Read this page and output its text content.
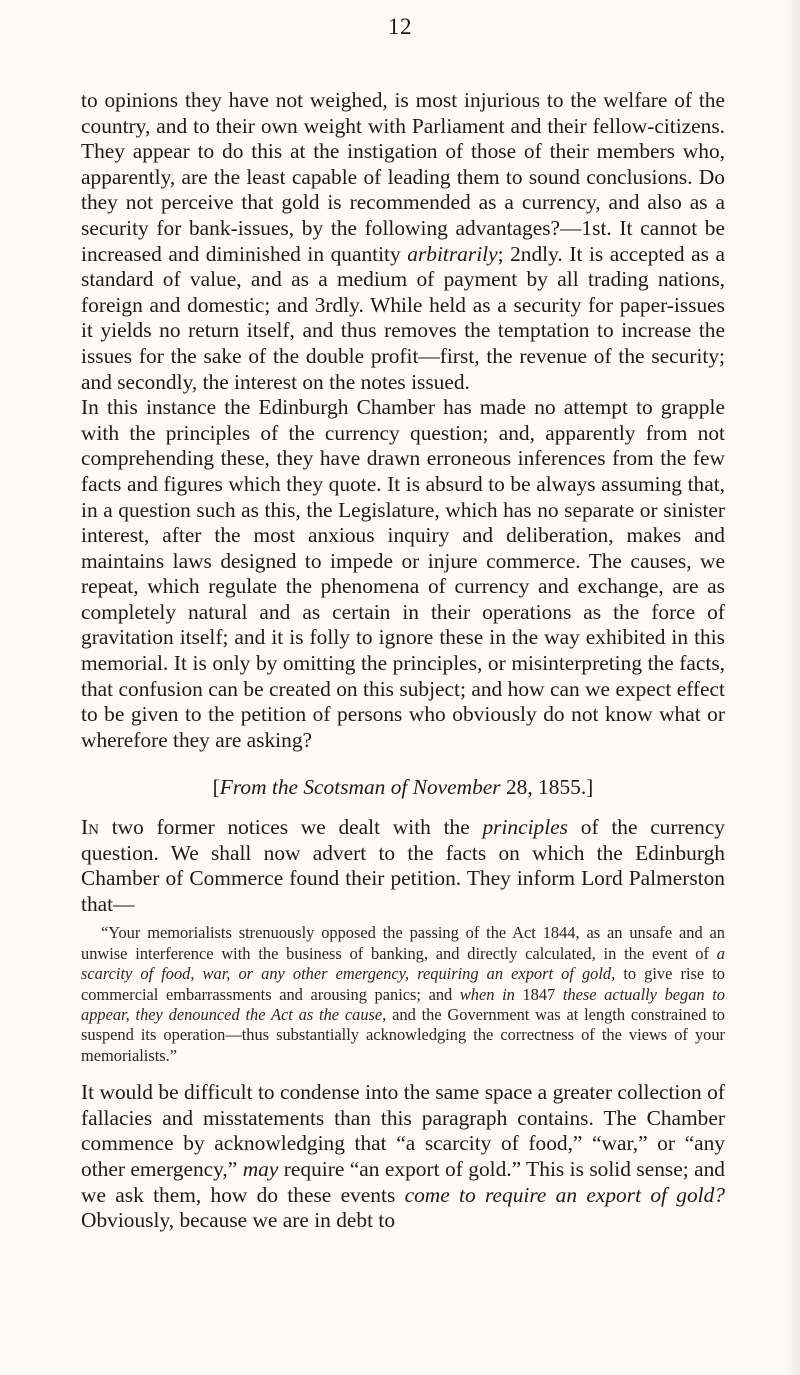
12

to opinions they have not weighed, is most injurious to the welfare of the country, and to their own weight with Parliament and their fellow-citizens. They appear to do this at the instigation of those of their members who, apparently, are the least capable of leading them to sound conclusions. Do they not perceive that gold is recommended as a currency, and also as a security for bank-issues, by the following advantages?—1st. It cannot be increased and diminished in quantity arbitrarily; 2ndly. It is accepted as a standard of value, and as a medium of payment by all trading nations, foreign and domestic; and 3rdly. While held as a security for paper-issues it yields no return itself, and thus removes the temptation to increase the issues for the sake of the double profit—first, the revenue of the security; and secondly, the interest on the notes issued.

In this instance the Edinburgh Chamber has made no attempt to grapple with the principles of the currency question; and, apparently from not comprehending these, they have drawn erroneous inferences from the few facts and figures which they quote. It is absurd to be always assuming that, in a question such as this, the Legislature, which has no separate or sinister interest, after the most anxious inquiry and deliberation, makes and maintains laws designed to impede or injure commerce. The causes, we repeat, which regulate the phenomena of currency and exchange, are as completely natural and as certain in their operations as the force of gravitation itself; and it is folly to ignore these in the way exhibited in this memorial. It is only by omitting the principles, or misinterpreting the facts, that confusion can be created on this subject; and how can we expect effect to be given to the petition of persons who obviously do not know what or wherefore they are asking?

[From the Scotsman of November 28, 1855.]

In two former notices we dealt with the principles of the currency question. We shall now advert to the facts on which the Edinburgh Chamber of Commerce found their petition. They inform Lord Palmerston that—

“Your memorialists strenuously opposed the passing of the Act 1844, as an unsafe and an unwise interference with the business of banking, and directly calculated, in the event of a scarcity of food, war, or any other emergency, requiring an export of gold, to give rise to commercial embarrassments and arousing panics; and when in 1847 these actually began to appear, they denounced the Act as the cause, and the Government was at length constrained to suspend its operation—thus substantially acknowledging the correctness of the views of your memorialists.”

It would be difficult to condense into the same space a greater collection of fallacies and misstatements than this paragraph contains. The Chamber commence by acknowledging that “a scarcity of food,” “war,” or “any other emergency,” may require “an export of gold.” This is solid sense; and we ask them, how do these events come to require an export of gold? Obviously, because we are in debt to
